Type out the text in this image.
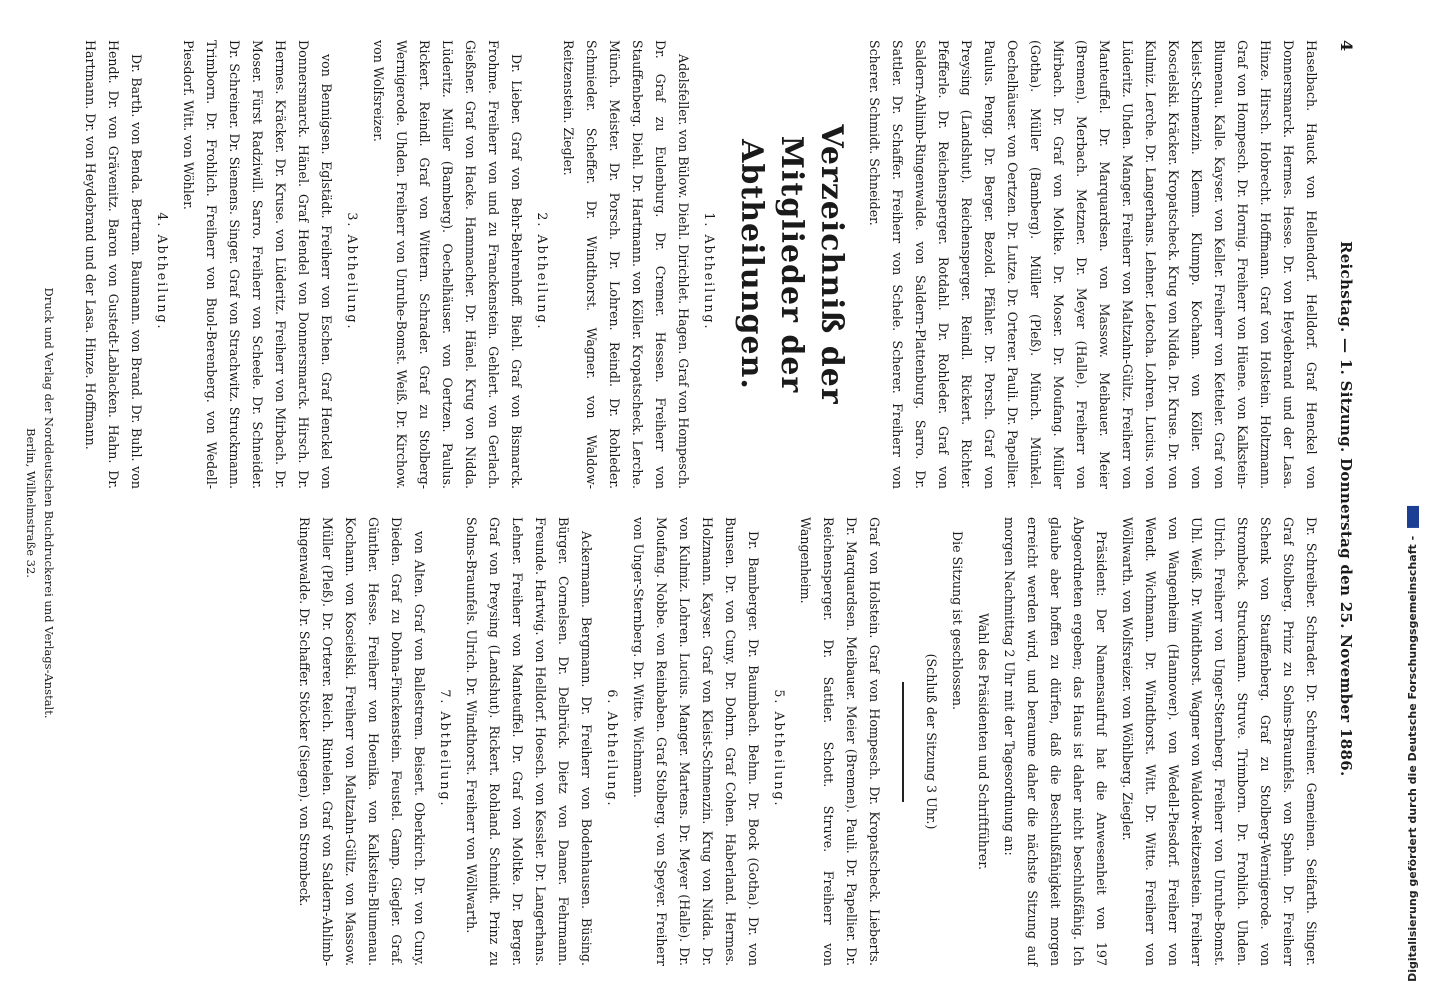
4
Reichstag. — 1. Sitzung. Donnerstag den 25. November 1886.

Haselbach. Hauck von Hellendorf. Helldorf. Graf Henckel von Donnersmarck. Hermes. Hesse. Dr. von Heydebrand und der Lasa. Hinze. Hirsch. Hobrecht. Hoffmann. Graf von Holstein. Holtzmann. Graf von Hompesch. Dr. Hornig. Freiherr von Hüene. von Kalkstein-Blumenau. Kalle. Kayser. von Keller. Freiherr von Ketteler. Graf von Kleist-Schmenzin. Klemm. Klumpp. Kochann. von Köller. von Koscielski. Kräcker. Kropatscheck. Krug von Nidda. Dr. Kruse. Dr. von Kulmiz. Lerche. Dr. Langerhans. Lehner. Letocha. Lohren. Lucius. von Lüderitz. Uhden. Manger. Freiherr von Maltzahn-Gültz. Freiherr von Manteuffel. Dr. Marquardsen. von Massow. Meibauer. Meier (Bremen). Merbach. Metzner. Dr. Meyer (Halle). Freiherr von Mirbach. Dr. Graf von Moltke. Dr. Moser. Dr. Moufang. Müller (Gotha). Müller (Bamberg). Müller (Pleß). Münch. Münkel. Oechelhäuser. von Oertzen. Dr. Lutze. Dr. Orterer. Pauli. Dr. Papellier. Paulus. Pengg. Dr. Berger. Bezold. Pfähler. Dr. Porsch. Graf von Preysing (Landshut). Reichensperger. Reindl. Rickert. Richter. Pfefferle. Dr. Reichensperger. Rotdahl. Dr. Rohleder. Graf von Saldern-Ahlimb-Ringenwalde. von Saldern-Plattenburg. Sarro. Dr. Sattler. Dr. Schaffer. Freiherr von Schele. Scherer. Freiherr von Scherer. Schmidt. Schneider.

Verzeichniß der Mitglieder der Abtheilungen.

1. Abtheilung.

Adelsfeller. von Bülow. Diehl. Dirichlet. Hagen. Graf von Hompesch. Dr. Graf zu Eulenburg. Dr. Cremer. Hessen. Freiherr von Stauffenberg. Diehl. Dr. Hartmann. von Köller. Kropatscheck. Lerche. Münch. Meister. Dr. Porsch. Dr. Lohren. Reindl. Dr. Rohleder. Schmieder. Scheffer. Dr. Windthorst. Wagner. von Waldow-Reitzenstein. Ziegler.

2. Abtheilung.

Dr. Lieber. Graf von Behr-Behrenhoff. Biehl. Graf von Bismarck. Frohme. Freiherr von und zu Franckenstein. Gehlert. von Gerlach. Gießner. Graf von Hacke. Hammacher. Dr. Hänel. Krug von Nidda. Lüderitz. Müller (Bamberg). Oechelhäuser. von Oertzen. Paulus. Rickert. Reindl. Graf von Wittern. Schrader. Graf zu Stolberg-Wernigerode. Uhden. Freiherr von Unruhe-Bomst. Weiß. Dr. Kirchow. von Wolfsreizer.

3. Abtheilung.

von Bennigsen. Eglstädt. Freiherr von Eschen. Graf Henckel von Donnersmarck. Hänel. Graf Hendel von Donnersmarck. Hirsch. Dr. Hermes. Kräcker. Dr. Kruse. von Lüderitz. Freiherr von Mirbach. Dr. Moser. Fürst Radziwill. Sarro. Freiherr von Scheele. Dr. Schneider. Dr. Schreiner. Dr. Siemens. Singer. Graf von Strachwitz. Struckmann. Trimborn. Dr. Frohlich. Freiherr von Buol-Berenberg. von Wedell-Piesdorf. Witt. von Wöhler.

4. Abtheilung.

Dr. Barth. von Benda. Bertram. Baumann. von Brand. Dr. Buhl. von Hendt. Dr. von Grävenitz. Baron von Gustedt-Lablacken. Hahn. Dr. Hartmann. Dr. von Heydebrand und der Lasa. Hinze. Hoffmann.

Dr. Schreiber. Schrader. Dr. Schreiner. Gemeinen. Seifarth. Singer. Graf Stolberg. Prinz zu Solms-Braunfels. von Spahn. Dr. Freiherr Schenk von Stauffenberg. Graf zu Stolberg-Wernigerode. von Strombeck. Struckmann. Struve. Trimborn. Dr. Frohlich. Uhden. Ulrich. Freiherr von Unger-Sternberg. Freiherr von Unruhe-Bomst. Uhl. Weiß. Dr. Windthorst. Wagner von Waldow-Reitzenstein. Freiherr von Wangenheim (Hannover). von Wedell-Piesdorf. Freiherr von Wendt. Wichmann. Dr. Windthorst. Witt. Dr. Witte. Freiherr von Wöllwarth. von Wolfsreizer. von Wöhlberg. Ziegler.

Präsident: Der Namensaufruf hat die Anwesenheit von 197 Abgeordneten ergeben; das Haus ist daher nicht beschlußfähig. Ich glaube aber hoffen zu dürfen, daß die Beschlußfähigkeit morgen erreicht werden wird, und beraume daher die nächste Sitzung auf morgen Nachmittag 2 Uhr mit der Tagesordnung an:

Wahl des Präsidenten und Schriftführer.

Die Sitzung ist geschlossen.

(Schluß der Sitzung 3 Uhr.)

Graf von Holstein. Graf von Hompesch. Dr. Kropatscheck. Lieberts. Dr. Marquardsen. Meibauer. Meier (Bremen). Pauli. Dr. Papellier. Dr. Reichensperger. Dr. Sattler. Schott. Struve. Freiherr von Wangenheim.

5. Abtheilung.

Dr. Bamberger. Dr. Baumbach. Behm. Dr. Bock (Gotha). Dr. von Bunsen. Dr. von Cuny. Dr. Dohrn. Graf Cohen. Haberland. Hermes. Holzmann. Kayser. Graf von Kleist-Schmenzin. Krug von Nidda. Dr. von Kulmiz. Lohren. Lucius. Manger. Martens. Dr. Meyer (Halle). Dr. Moufang. Nobbe. von Reinbaben. Graf Stolberg. von Speyer. Freiherr von Unger-Sternberg. Dr. Witte. Wichmann.

6. Abtheilung.

Ackermann. Bergmann. Dr. Freiherr von Bodenhausen. Büsing. Bürger. Cornelsen. Dr. Delbrück. Dietz von Damer. Fehrmann. Freunde. Hartwig. von Helldorf. Hoesch. von Kessler. Dr. Langerhans. Lehner. Freiherr von Manteuffel. Dr. Graf von Moltke. Dr. Berger. Graf von Preysing (Landshut). Rickert. Rohland. Schmidt. Prinz zu Solms-Braunfels. Ulrich. Dr. Windthorst. Freiherr von Wöllwarth.

7. Abtheilung.

von Alten. Graf von Ballestrem. Beisert. Oberkirch. Dr. von Cuny. Dieden. Graf zu Dohna-Finckenstein. Feustel. Gamp. Giegler. Graf. Günther. Hesse. Freiherr von Hoenika. von Kalkstein-Blumenau. Kochann. von Koscielski. Freiherr von Maltzahn-Gültz. von Massow. Müller (Pleß). Dr. Orterer. Reich. Rintelen. Graf von Saldern-Ahlimb-Ringenwalde. Dr. Schaffer. Stöcker (Siegen). von Strombeck.

Druck und Verlag der Norddeutschen Buchdruckerei und Verlags-Anstalt.
Berlin, Wilhelmstraße 32.
Digitalisierung gefördert durch die Deutsche Forschungsgemeinschaft -
